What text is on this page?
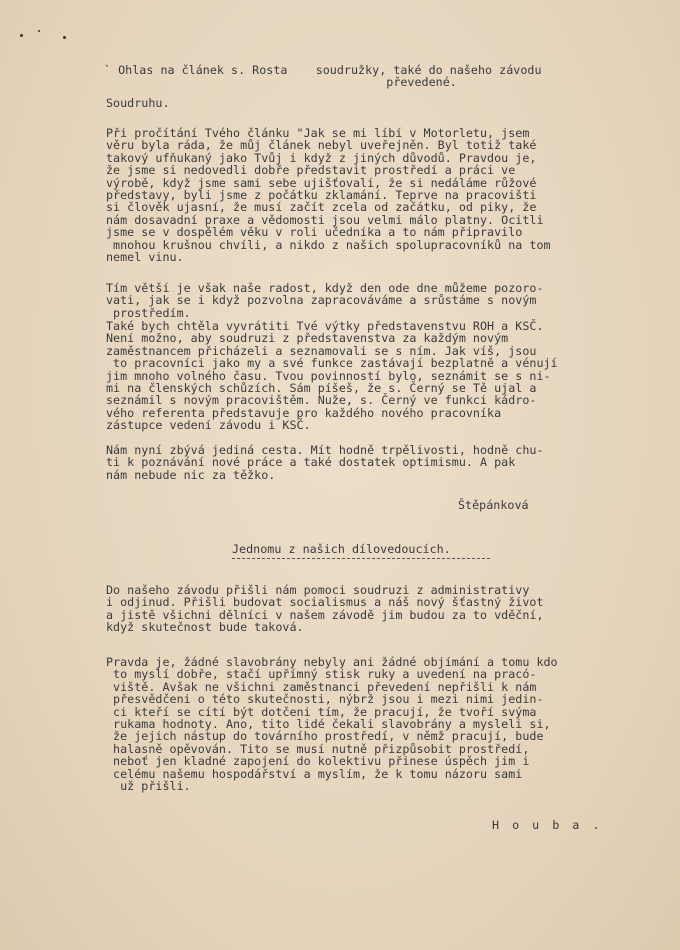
` Ohlas na článek s. Rosta    soudružky, také do našeho závodu
převedené.
Soudruhu.
Při pročítání Tvého článku "Jak se mi líbí v Motorletu, jsem
věru byla ráda, že můj článek nebyl uveřejněn. Byl totiž také
takový ufňukaný jako Tvůj i když z jiných důvodů. Pravdou je,
že jsme si nedovedli dobře představit prostředí a práci ve
výrobě, když jsme sami sebe ujišťovali, že si nedáláme růžové
představy, byli jsme z počátku zklamání. Teprve na pracovišti
si člověk ujasní, že musí začít zcela od začátku, od piky, že
nám dosavadní praxe a vědomosti jsou velmi málo platny. Ocitli
jsme se v dospělém věku v roli učedníka a to nám připravilo
mnohou krušnou chvíli, a nikdo z našich spolupracovníků na tom
nemel vinu.
Tím větší je však naše radost, když den ode dne můžeme pozoro-
vati, jak se i když pozvolna zapracováváme a srůstáme s novým
prostředím.
Také bych chtěla vyvrátiti Tvé výtky představenstvu ROH a KSČ.
Není možno, aby soudruzi z představenstva za každým novým
zaměstnancem přicházeli a seznamovali se s ním. Jak víš, jsou
to pracovníci jako my a své funkce zastávají bezplatně a vénují
jim mnoho volného času. Tvou povinností bylo, seznámit se s ni-
mi na členských schůzích. Sám píšeš, že s. Černý se Tě ujal a
seznámil s novým pracovištěm. Nuže, s. Černý ve funkci kádro-
vého referenta představuje pro každého nového pracovníka
zástupce vedení závodu i KSČ.
Nám nyní zbývá jediná cesta. Mít hodně trpělivosti, hodně chu-
ti k poznávání nové práce a také dostatek optimismu. A pak
nám nebude nic za těžko.
Štěpánková
Jednomu z našich dílovedoucích.
Do našeho závodu přišli nám pomoci soudruzi z administrativy
i odjinud. Přišli budovat socialismus a náš nový šťastný život
a jistě všichni dělníci v našem závodě jim budou za to vděční,
když skutečnost bude taková.
Pravda je, žádné slavobrány nebyly ani žádné objímání a tomu kdo
to myslí dobře, stačí upřímný stisk ruky a uvedení na pracó-
viště. Avšak ne všichni zaměstnanci převedení nepřišli k nám
přesvědčeni o této skutečnosti, nýbrž jsou i mezi nimi jedin-
ci kteří se cítí být dotčeni tím, že pracují, že tvoří svýma
rukama hodnoty. Ano, tito lidé čekali slavobrány a mysleli si,
že jejich nástup do továrního prostředí, v němž pracují, bude
halasně opěvován. Tito se musí nutně přizpůsobit prostředí,
neboť jen kladné zapojení do kolektivu přinese úspěch jim i
celému našemu hospodářství a myslím, že k tomu názoru sami
už přišli.
H o u b a .
